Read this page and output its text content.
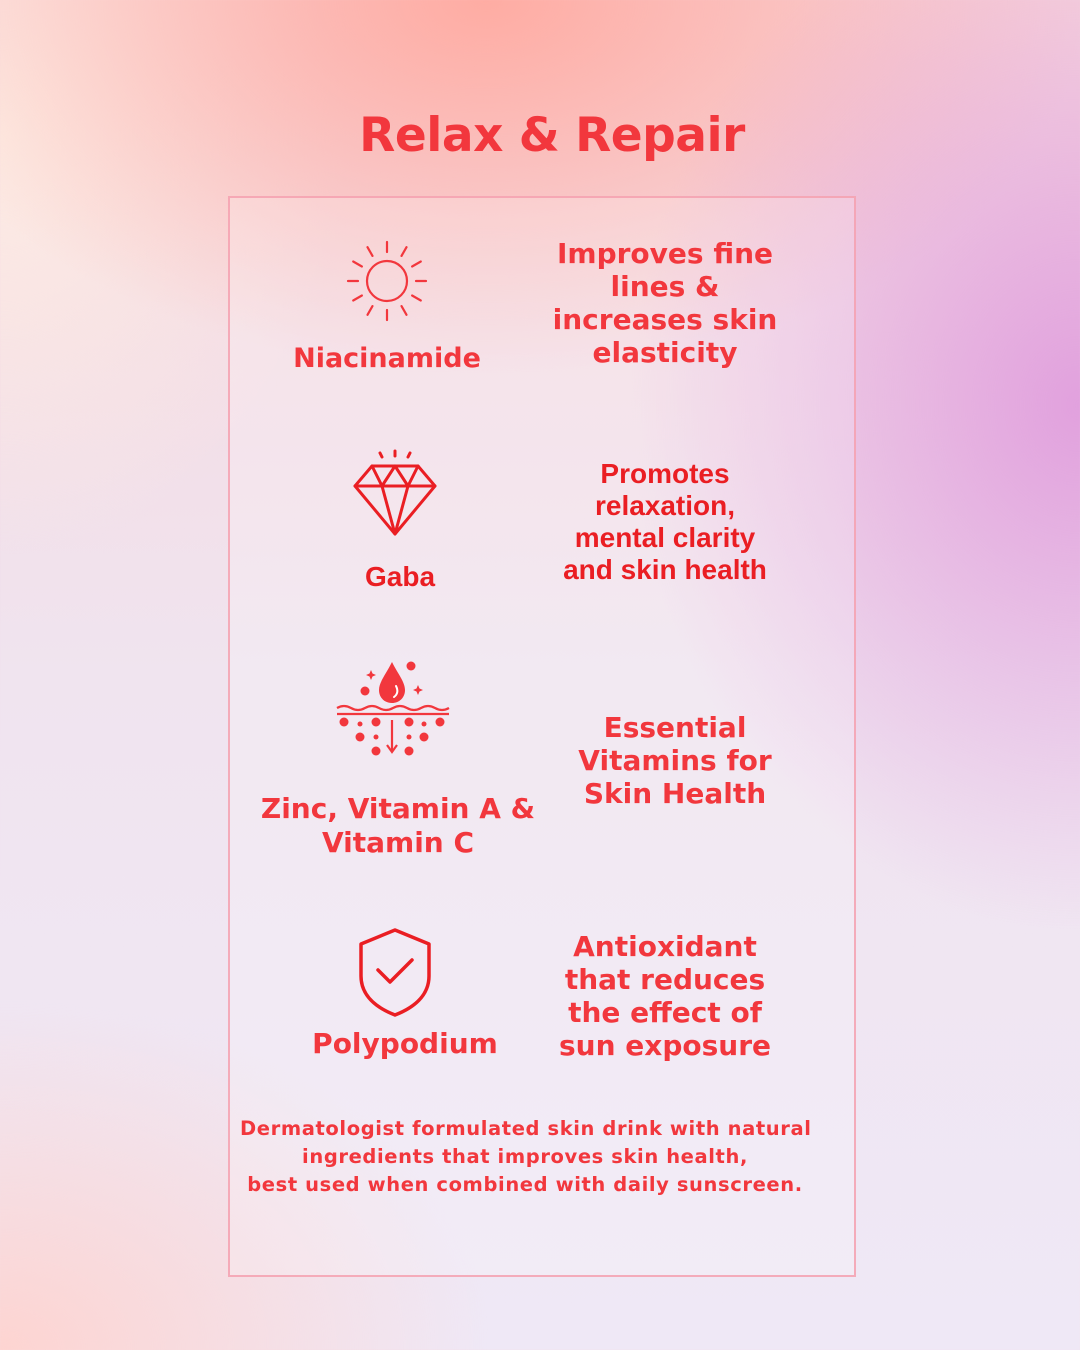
Relax & Repair

Niacinamide

Improves fine lines & increases skin elasticity

Gaba

Promotes relaxation, mental clarity and skin health

Zinc, Vitamin A & Vitamin C

Essential Vitamins for Skin Health

Polypodium

Antioxidant that reduces the effect of sun exposure

Dermatologist formulated skin drink with natural
ingredients that improves skin health,
best used when combined with daily sunscreen.
